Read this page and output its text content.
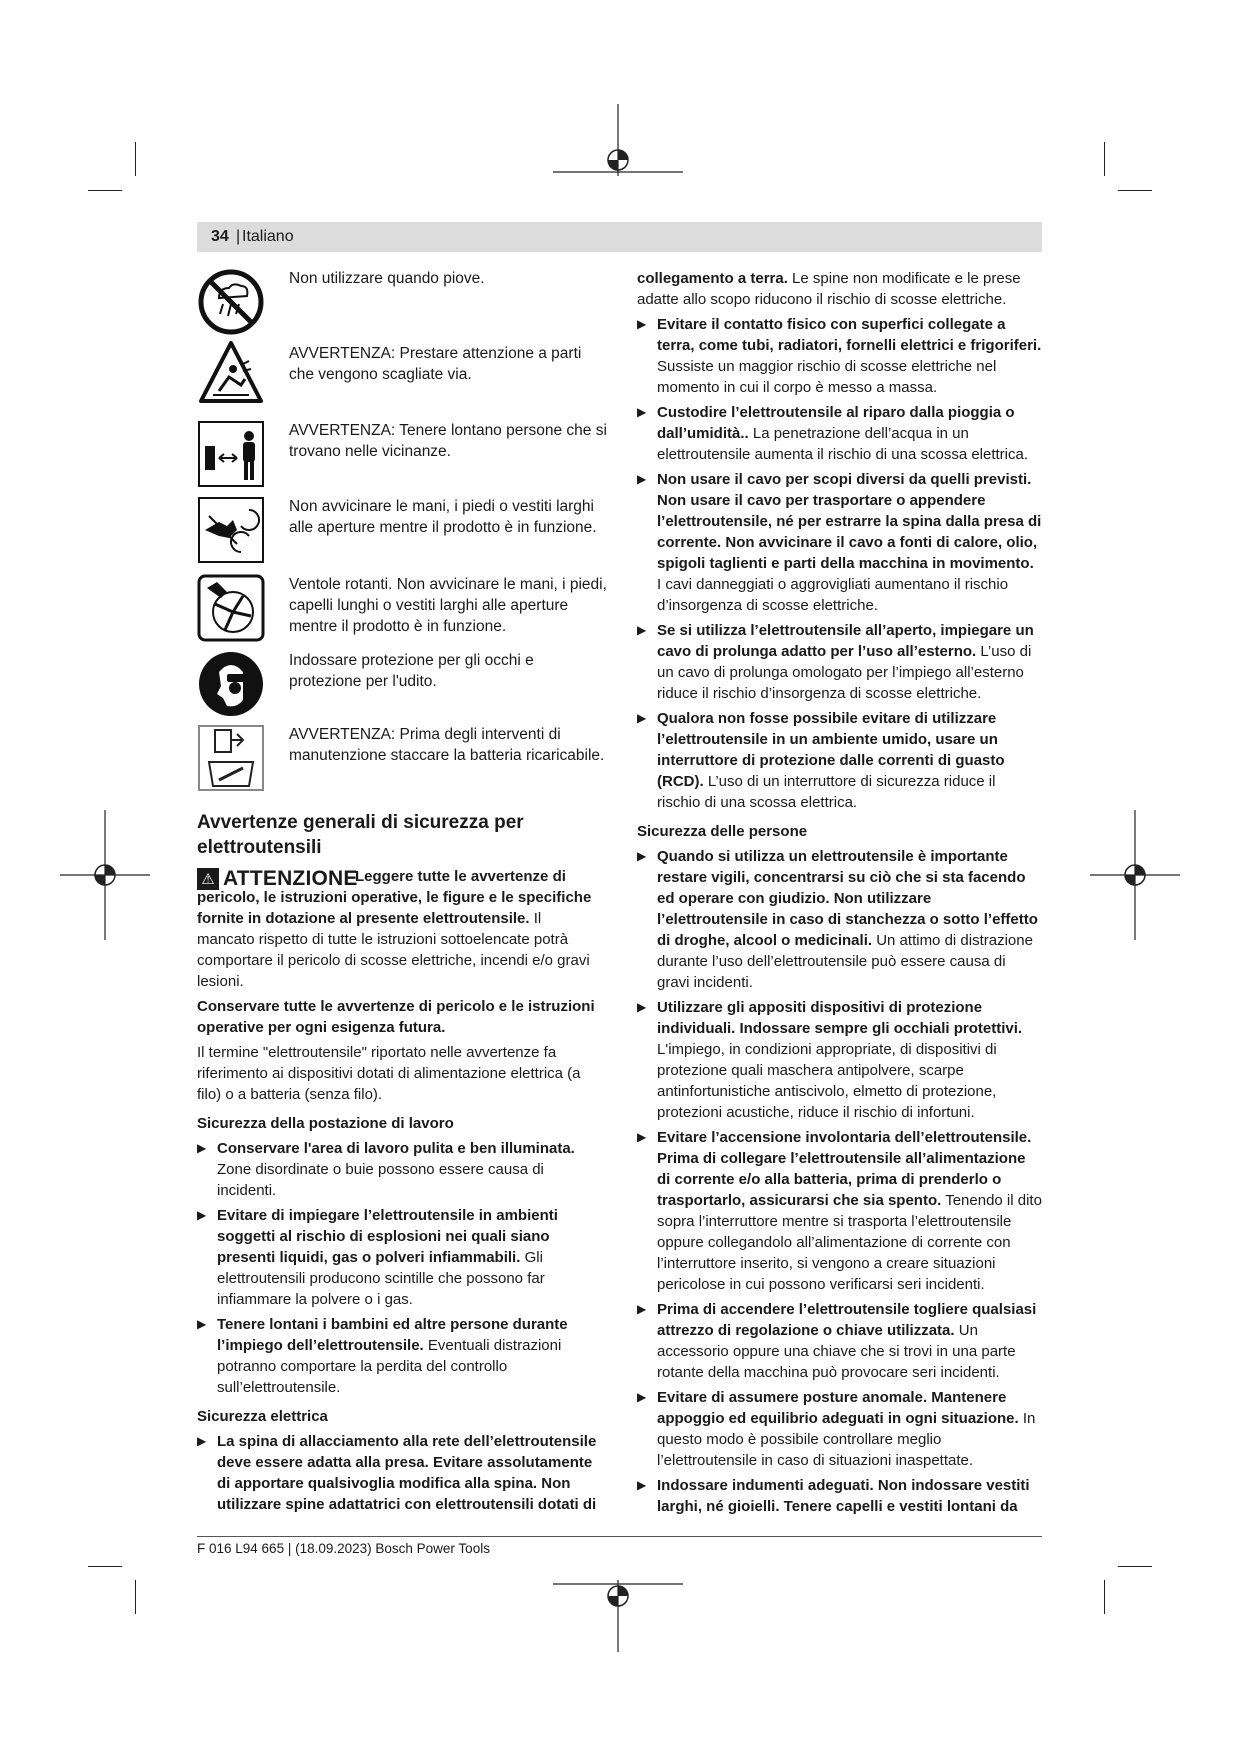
34 | Italiano
Non utilizzare quando piove.
AVVERTENZA: Prestare attenzione a parti che vengono scagliate via.
AVVERTENZA: Tenere lontano persone che si trovano nelle vicinanze.
Non avvicinare le mani, i piedi o vestiti larghi alle aperture mentre il prodotto è in funzione.
Ventole rotanti. Non avvicinare le mani, i piedi, capelli lunghi o vestiti larghi alle aperture mentre il prodotto è in funzione.
Indossare protezione per gli occhi e protezione per l'udito.
AVVERTENZA: Prima degli interventi di manutenzione staccare la batteria ricaricabile.
Avvertenze generali di sicurezza per elettroutensili
⚠ ATTENZIONE

Leggere tutte le avvertenze di pericolo, le istruzioni operative, le figure e le specifiche fornite in dotazione al presente elettroutensile. Il mancato rispetto di tutte le istruzioni sottoelencate potrà comportare il pericolo di scosse elettriche, incendi e/o gravi lesioni.

Conservare tutte le avvertenze di pericolo e le istruzioni operative per ogni esigenza futura.

Il termine "elettroutensile" riportato nelle avvertenze fa riferimento ai dispositivi dotati di alimentazione elettrica (a filo) o a batteria (senza filo).

Sicurezza della postazione di lavoro
▶ Conservare l'area di lavoro pulita e ben illuminata. Zone disordinate o buie possono essere causa di incidenti.
▶ Evitare di impiegare l’elettroutensile in ambienti soggetti al rischio di esplosioni nei quali siano presenti liquidi, gas o polveri infiammabili. Gli elettroutensili producono scintille che possono far infiammare la polvere o i gas.
▶ Tenere lontani i bambini ed altre persone durante l’impiego dell’elettroutensile. Eventuali distrazioni potranno comportare la perdita del controllo sull’elettroutensile.
Sicurezza elettrica
▶ La spina di allacciamento alla rete dell’elettroutensile deve essere adatta alla presa. Evitare assolutamente di apportare qualsivoglia modifica alla spina. Non utilizzare spine adattatrici con elettroutensili dotati di

collegamento a terra. Le spine non modificate e le prese adatte allo scopo riducono il rischio di scosse elettriche.

▶ Evitare il contatto fisico con superfici collegate a terra, come tubi, radiatori, fornelli elettrici e frigoriferi. Sussiste un maggior rischio di scosse elettriche nel momento in cui il corpo è messo a massa.
▶ Custodire l’elettroutensile al riparo dalla pioggia o dall’umidità.. La penetrazione dell’acqua in un elettroutensile aumenta il rischio di una scossa elettrica.
▶ Non usare il cavo per scopi diversi da quelli previsti. Non usare il cavo per trasportare o appendere l’elettroutensile, né per estrarre la spina dalla presa di corrente. Non avvicinare il cavo a fonti di calore, olio, spigoli taglienti e parti della macchina in movimento. I cavi danneggiati o aggrovigliati aumentano il rischio d’insorgenza di scosse elettriche.
▶ Se si utilizza l’elettroutensile all’aperto, impiegare un cavo di prolunga adatto per l’uso all’esterno. L’uso di un cavo di prolunga omologato per l’impiego all’esterno riduce il rischio d’insorgenza di scosse elettriche.
▶ Qualora non fosse possibile evitare di utilizzare l’elettroutensile in un ambiente umido, usare un interruttore di protezione dalle correnti di guasto (RCD). L’uso di un interruttore di sicurezza riduce il rischio di una scossa elettrica.
Sicurezza delle persone
▶ Quando si utilizza un elettroutensile è importante restare vigili, concentrarsi su ciò che si sta facendo ed operare con giudizio. Non utilizzare l’elettroutensile in caso di stanchezza o sotto l’effetto di droghe, alcool o medicinali. Un attimo di distrazione durante l’uso dell’elettroutensile può essere causa di gravi incidenti.
▶ Utilizzare gli appositi dispositivi di protezione individuali. Indossare sempre gli occhiali protettivi. L'impiego, in condizioni appropriate, di dispositivi di protezione quali maschera antipolvere, scarpe antinfortunistiche antiscivolo, elmetto di protezione, protezioni acustiche, riduce il rischio di infortuni.
▶ Evitare l’accensione involontaria dell’elettroutensile. Prima di collegare l’elettroutensile all’alimentazione di corrente e/o alla batteria, prima di prenderlo o trasportarlo, assicurarsi che sia spento. Tenendo il dito sopra l’interruttore mentre si trasporta l’elettroutensile oppure collegandolo all’alimentazione di corrente con l’interruttore inserito, si vengono a creare situazioni pericolose in cui possono verificarsi seri incidenti.
▶ Prima di accendere l’elettroutensile togliere qualsiasi attrezzo di regolazione o chiave utilizzata. Un accessorio oppure una chiave che si trovi in una parte rotante della macchina può provocare seri incidenti.
▶ Evitare di assumere posture anomale. Mantenere appoggio ed equilibrio adeguati in ogni situazione. In questo modo è possibile controllare meglio l’elettroutensile in caso di situazioni inaspettate.
▶ Indossare indumenti adeguati. Non indossare vestiti larghi, né gioielli. Tenere capelli e vestiti lontani da
F 016 L94 665 | (18.09.2023) Bosch Power Tools
